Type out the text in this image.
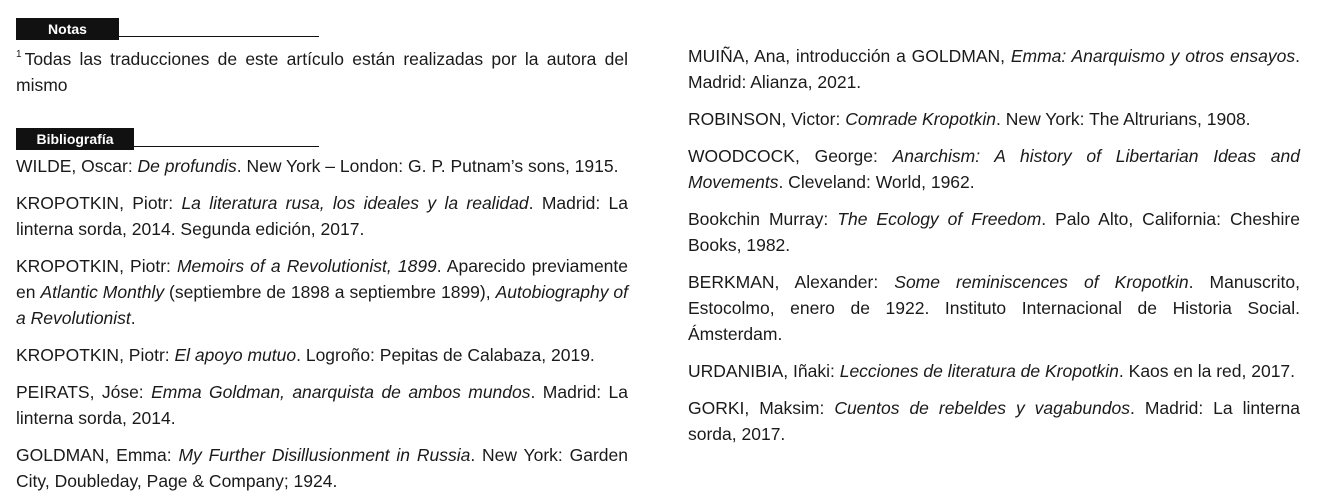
Notas

$^1$ Todas las traducciones de este artículo están realizadas por la autora del mismo

Bibliografía

WILDE, Oscar: De profundis. New York – London: G. P. Putnam’s sons, 1915.

KROPOTKIN, Piotr: La literatura rusa, los ideales y la realidad. Madrid: La linterna sorda, 2014. Segunda edición, 2017.

KROPOTKIN, Piotr: Memoirs of a Revolutionist, 1899. Aparecido previamente en Atlantic Monthly (septiembre de 1898 a septiembre 1899), Autobiography of a Revolutionist.

KROPOTKIN, Piotr: El apoyo mutuo. Logroño: Pepitas de Calabaza, 2019.

PEIRATS, Jóse: Emma Goldman, anarquista de ambos mundos. Madrid: La linterna sorda, 2014.

GOLDMAN, Emma: My Further Disillusionment in Russia. New York: Garden City, Doubleday, Page & Company; 1924.

MUIÑA, Ana, introducción a GOLDMAN, Emma: Anarquismo y otros ensayos. Madrid: Alianza, 2021.

ROBINSON, Victor: Comrade Kropotkin. New York: The Altrurians, 1908.

WOODCOCK, George: Anarchism: A history of Libertarian Ideas and Movements. Cleveland: World, 1962.

Bookchin Murray: The Ecology of Freedom. Palo Alto, California: Cheshire Books, 1982.

BERKMAN, Alexander: Some reminiscences of Kropotkin. Manuscrito, Estocolmo, enero de 1922. Instituto Internacional de Historia Social. Ámsterdam.

URDANIBIA, Iñaki: Lecciones de literatura de Kropotkin. Kaos en la red, 2017.

GORKI, Maksim: Cuentos de rebeldes y vagabundos. Madrid: La linterna sorda, 2017.
